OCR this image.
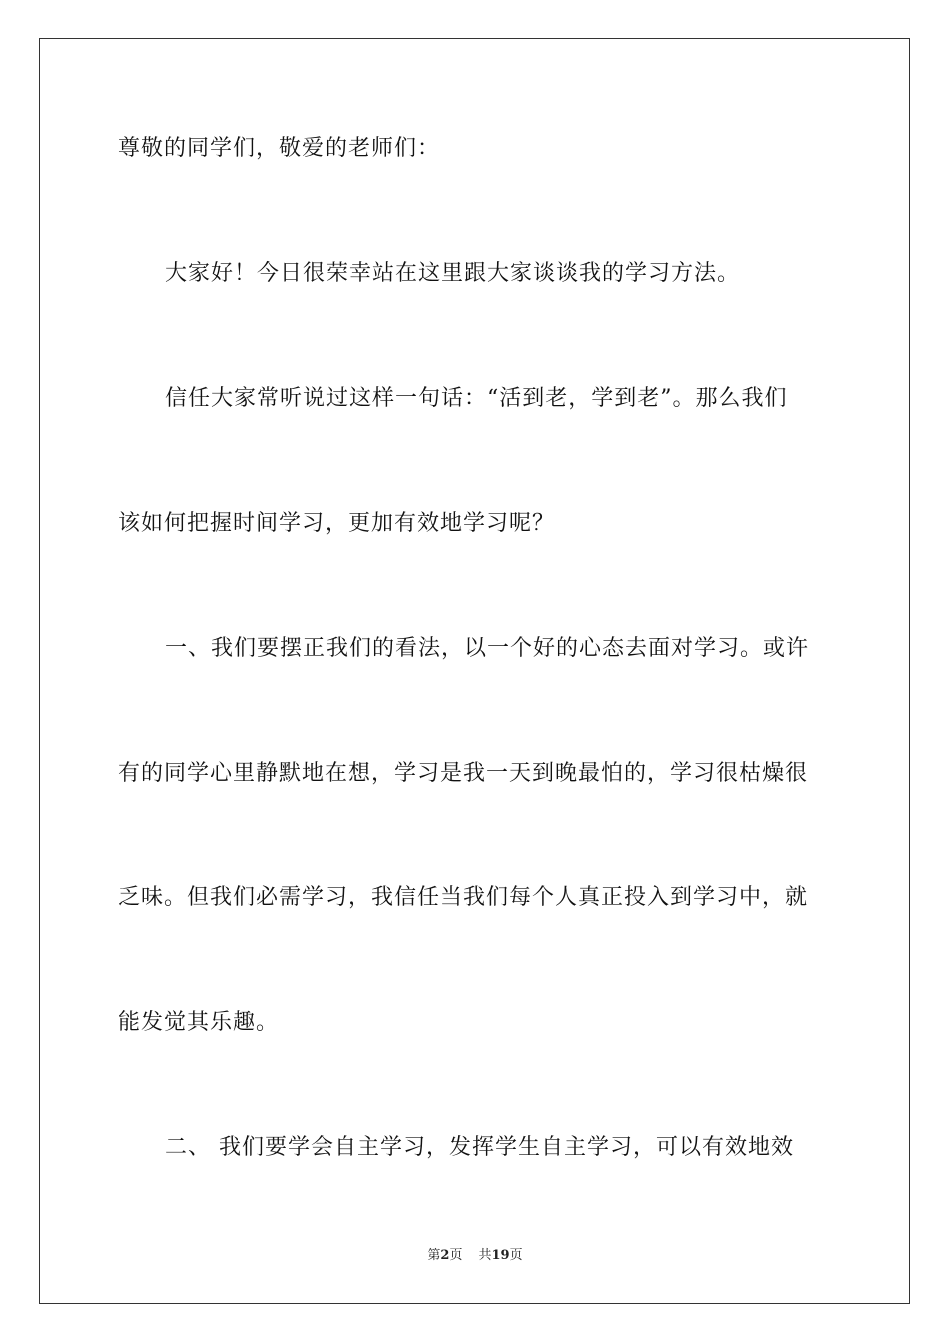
尊敬的同学们，敬爱的老师们：
大家好！今日很荣幸站在这里跟大家谈谈我的学习方法。
信任大家常听说过这样一句话：“活到老，学到老”。那么我们
该如何把握时间学习，更加有效地学习呢？
一、我们要摆正我们的看法，以一个好的心态去面对学习。或许
有的同学心里静默地在想，学习是我一天到晚最怕的，学习很枯燥很
乏味。但我们必需学习，我信任当我们每个人真正投入到学习中，就
能发觉其乐趣。
二、 我们要学会自主学习，发挥学生自主学习，可以有效地效
第2页 共19页
